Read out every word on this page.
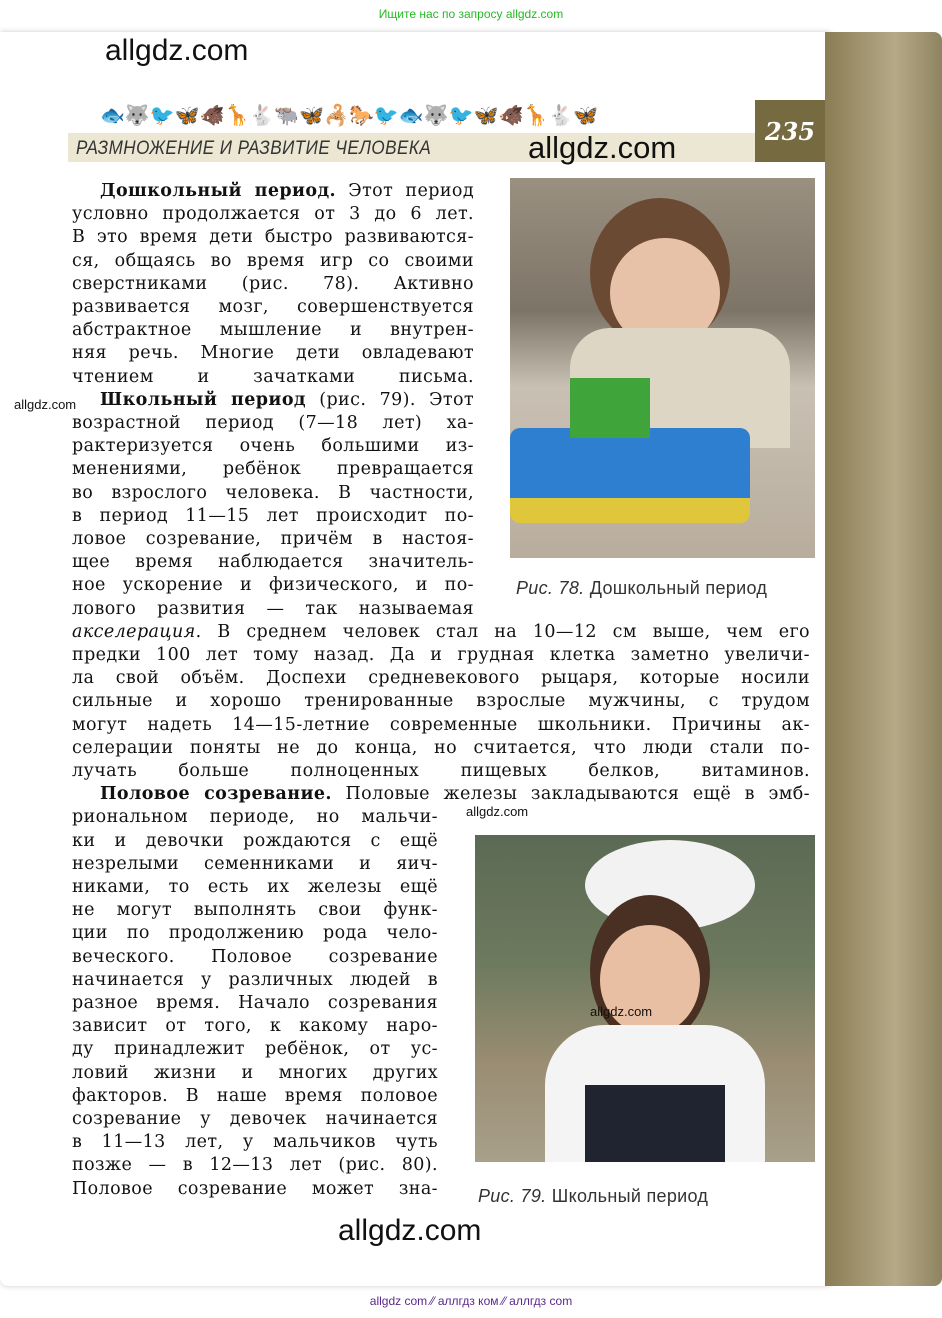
Ищите нас по запросу allgdz.com
allgdz.com
🐟🐺🐦🦋🐗🦒🐇🐃🦋🦂🐎🐦🐟🐺🐦🦋🐗🦒🐇🦋
РАЗМНОЖЕНИЕ И РАЗВИТИЕ ЧЕЛОВЕКА	allgdz.com	235
Рис. 78. Дошкольный период
allgdz.com
Рис. 79. Школьный период
allgdz.com
allgdz.com
allgdz.com
Дошкольный период. Этот период
условно продолжается от 3 до 6 лет.
В это время дети быстро развиваются-
ся, общаясь во время игр со своими
сверстниками (рис. 78). Активно
развивается мозг, совершенствуется
абстрактное мышление и внутрен-
няя речь. Многие дети овладевают
чтением и зачатками письма.
Школьный период (рис. 79). Этот
возрастной период (7—18 лет) ха-
рактеризуется очень большими из-
менениями, ребёнок превращается
во взрослого человека. В частности,
в период 11—15 лет происходит по-
ловое созревание, причём в настоя-
щее время наблюдается значитель-
ное ускорение и физического, и по-
лового развития — так называемая
акселерация. В среднем человек стал на 10—12 см выше, чем его
предки 100 лет тому назад. Да и грудная клетка заметно увеличи-
ла свой объём. Доспехи средневекового рыцаря, которые носили
сильные и хорошо тренированные взрослые мужчины, с трудом
могут надеть 14—15-летние современные школьники. Причины ак-
селерации поняты не до конца, но считается, что люди стали по-
лучать больше полноценных пищевых белков, витаминов.
Половое созревание. Половые железы закладываются ещё в эмб-
риональном периоде, но мальчи-
ки и девочки рождаются с ещё
незрелыми семенниками и яич-
никами, то есть их железы ещё
не могут выполнять свои функ-
ции по продолжению рода чело-
веческого. Половое созревание
начинается у различных людей в
разное время. Начало созревания
зависит от того, к какому наро-
ду принадлежит ребёнок, от ус-
ловий жизни и многих других
факторов. В наше время половое
созревание у девочек начинается
в 11—13 лет, у мальчиков чуть
позже — в 12—13 лет (рис. 80).
Половое созревание может зна-
allgdz com ⁄⁄ аллгдз ком ⁄⁄ аллгдз com
